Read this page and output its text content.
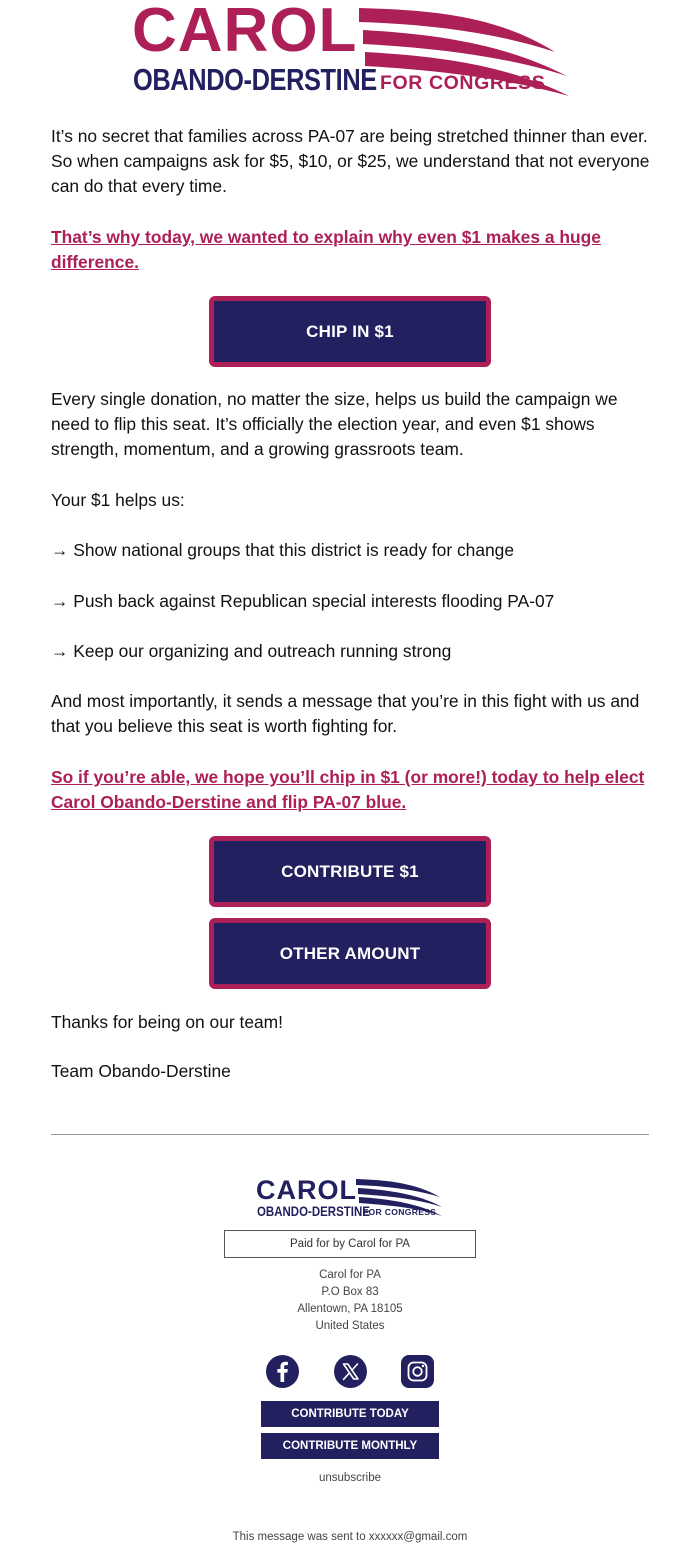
CAROL
OBANDO-DERSTINE FOR CONGRESS

It’s no secret that families across PA-07 are being stretched thinner than ever. So when campaigns ask for $5, $10, or $25, we understand that not everyone can do that every time.

That’s why today, we wanted to explain why even $1 makes a huge difference.

CHIP IN $1

Every single donation, no matter the size, helps us build the campaign we need to flip this seat. It’s officially the election year, and even $1 shows strength, momentum, and a growing grassroots team.

Your $1 helps us:

→ Show national groups that this district is ready for change

→ Push back against Republican special interests flooding PA-07

→ Keep our organizing and outreach running strong

And most importantly, it sends a message that you’re in this fight with us and that you believe this seat is worth fighting for.

So if you’re able, we hope you’ll chip in $1 (or more!) today to help elect Carol Obando-Derstine and flip PA-07 blue.

CONTRIBUTE $1
OTHER AMOUNT

Thanks for being on our team!

Team Obando-Derstine

CAROL
OBANDO-DERSTINE
FOR CONGRESS
Paid for by Carol for PA

Carol for PA

P.O Box 83

Allentown, PA 18105

United States

CONTRIBUTE TODAY
CONTRIBUTE MONTHLY
unsubscribe
This message was sent to xxxxxx@gmail.com
